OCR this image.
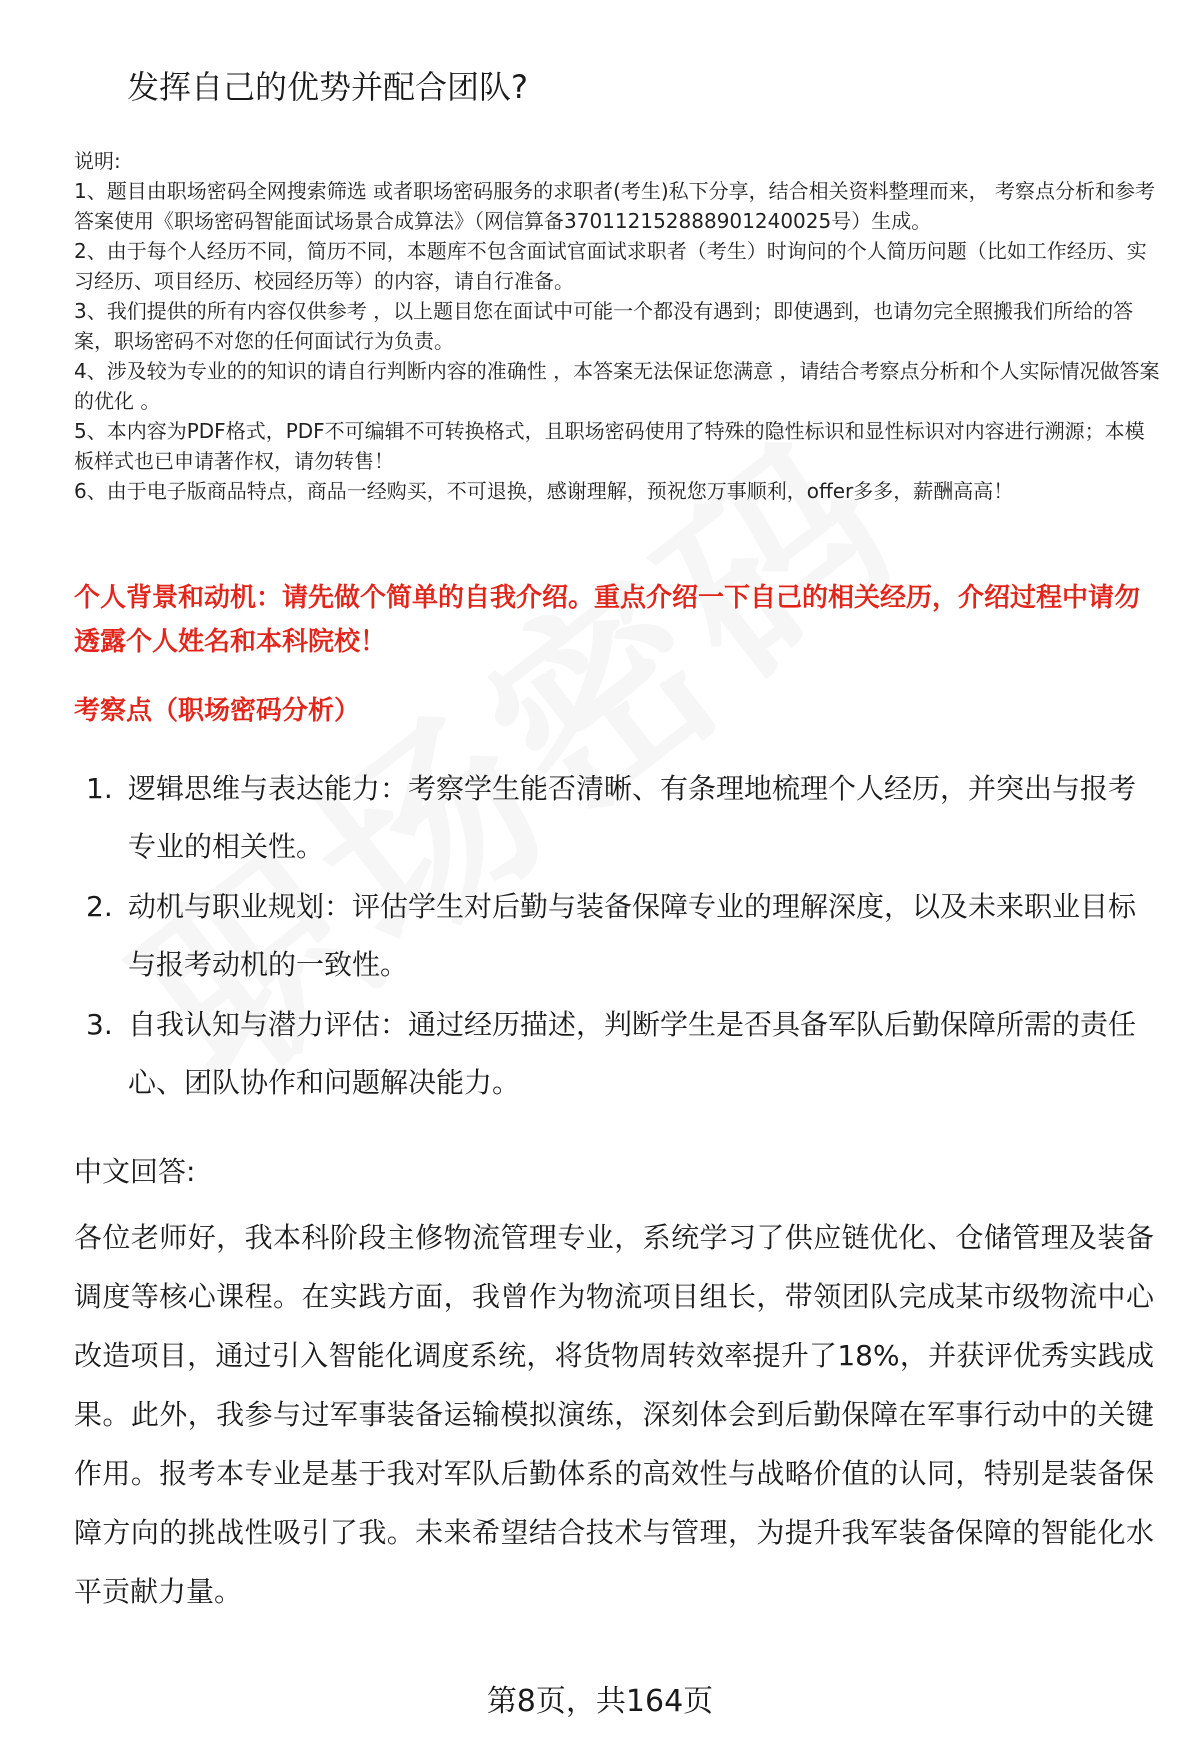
发挥自己的优势并配合团队?
说明:
1、题目由职场密码全网搜索筛选 或者职场密码服务的求职者(考生)私下分享，结合相关资料整理而来， 考察点分析和参考答案使用《职场密码智能面试场景合成算法》（网信算备370112152888901240025号）生成。
2、由于每个人经历不同，简历不同，本题库不包含面试官面试求职者（考生）时询问的个人简历问题（比如工作经历、实习经历、项目经历、校园经历等）的内容，请自行准备。
3、我们提供的所有内容仅供参考 ，以上题目您在面试中可能一个都没有遇到；即使遇到，也请勿完全照搬我们所给的答案，职场密码不对您的任何面试行为负责。
4、涉及较为专业的的知识的请自行判断内容的准确性 ，本答案无法保证您满意 ，请结合考察点分析和个人实际情况做答案的优化 。
5、本内容为PDF格式，PDF不可编辑不可转换格式，且职场密码使用了特殊的隐性标识和显性标识对内容进行溯源；本模板样式也已申请著作权，请勿转售！
6、由于电子版商品特点，商品一经购买，不可退换，感谢理解，预祝您万事顺利，offer多多，薪酬高高！
个人背景和动机：请先做个简单的自我介绍。重点介绍一下自己的相关经历，介绍过程中请勿透露个人姓名和本科院校！
考察点（职场密码分析）
1. 逻辑思维与表达能力：考察学生能否清晰、有条理地梳理个人经历，并突出与报考专业的相关性。
2. 动机与职业规划：评估学生对后勤与装备保障专业的理解深度，以及未来职业目标与报考动机的一致性。
3. 自我认知与潜力评估：通过经历描述，判断学生是否具备军队后勤保障所需的责任心、团队协作和问题解决能力。
中文回答:
各位老师好，我本科阶段主修物流管理专业，系统学习了供应链优化、仓储管理及装备调度等核心课程。在实践方面，我曾作为物流项目组长，带领团队完成某市级物流中心改造项目，通过引入智能化调度系统，将货物周转效率提升了18%，并获评优秀实践成果。此外，我参与过军事装备运输模拟演练，深刻体会到后勤保障在军事行动中的关键作用。报考本专业是基于我对军队后勤体系的高效性与战略价值的认同，特别是装备保障方向的挑战性吸引了我。未来希望结合技术与管理，为提升我军装备保障的智能化水平贡献力量。
第8页，共164页
